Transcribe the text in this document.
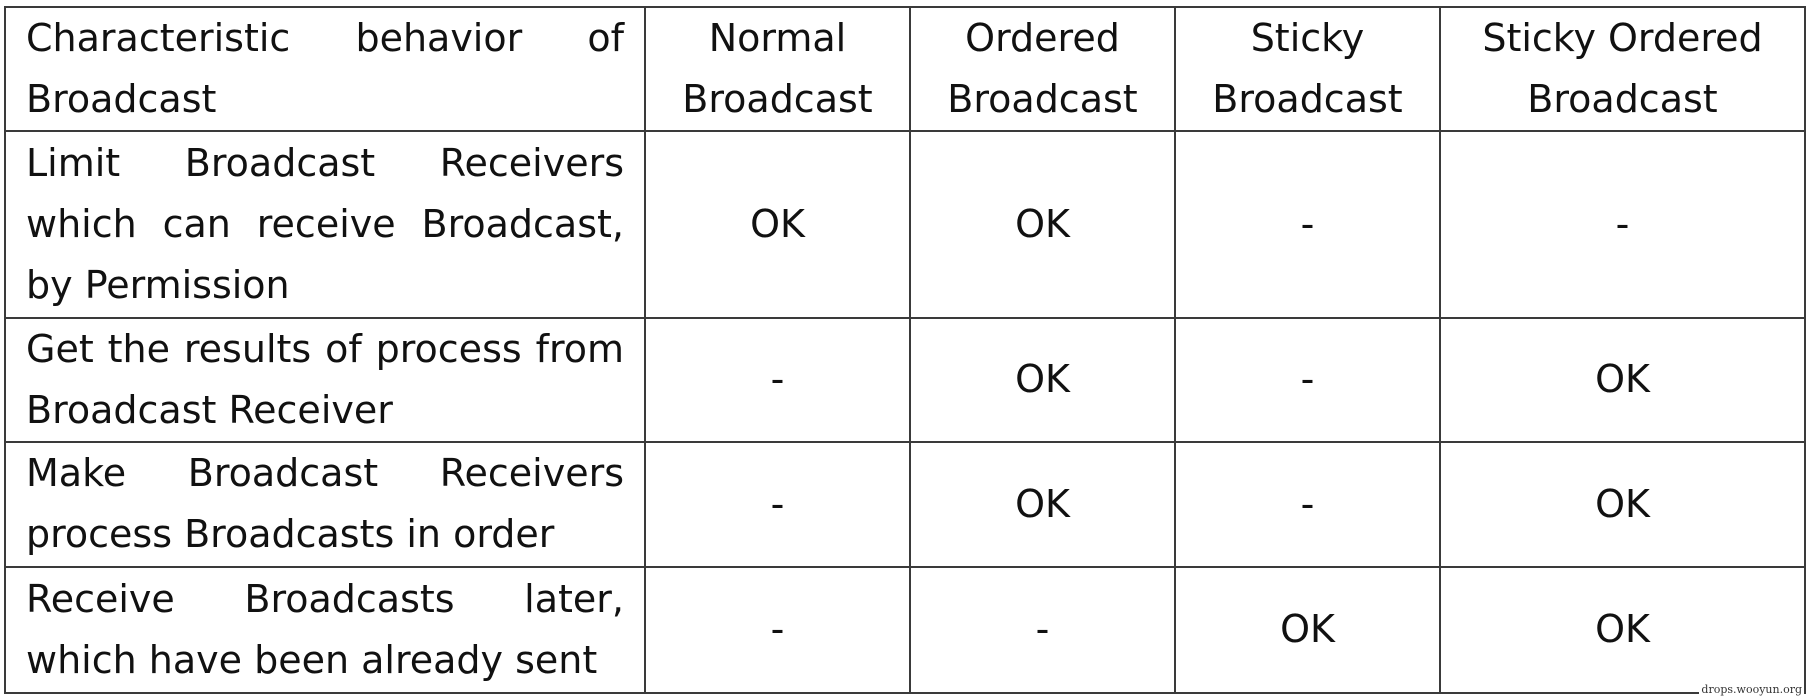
Characteristic behavior of Broadcast	Normal Broadcast	Ordered Broadcast	Sticky Broadcast	Sticky Ordered Broadcast
Limit Broadcast Receivers which can receive Broadcast, by Permission	OK	OK	-	-
Get the results of process from Broadcast Receiver	-	OK	-	OK
Make Broadcast Receivers process Broadcasts in order	-	OK	-	OK
Receive Broadcasts later, which have been already sent	-	-	OK	OK
drops.wooyun.org
